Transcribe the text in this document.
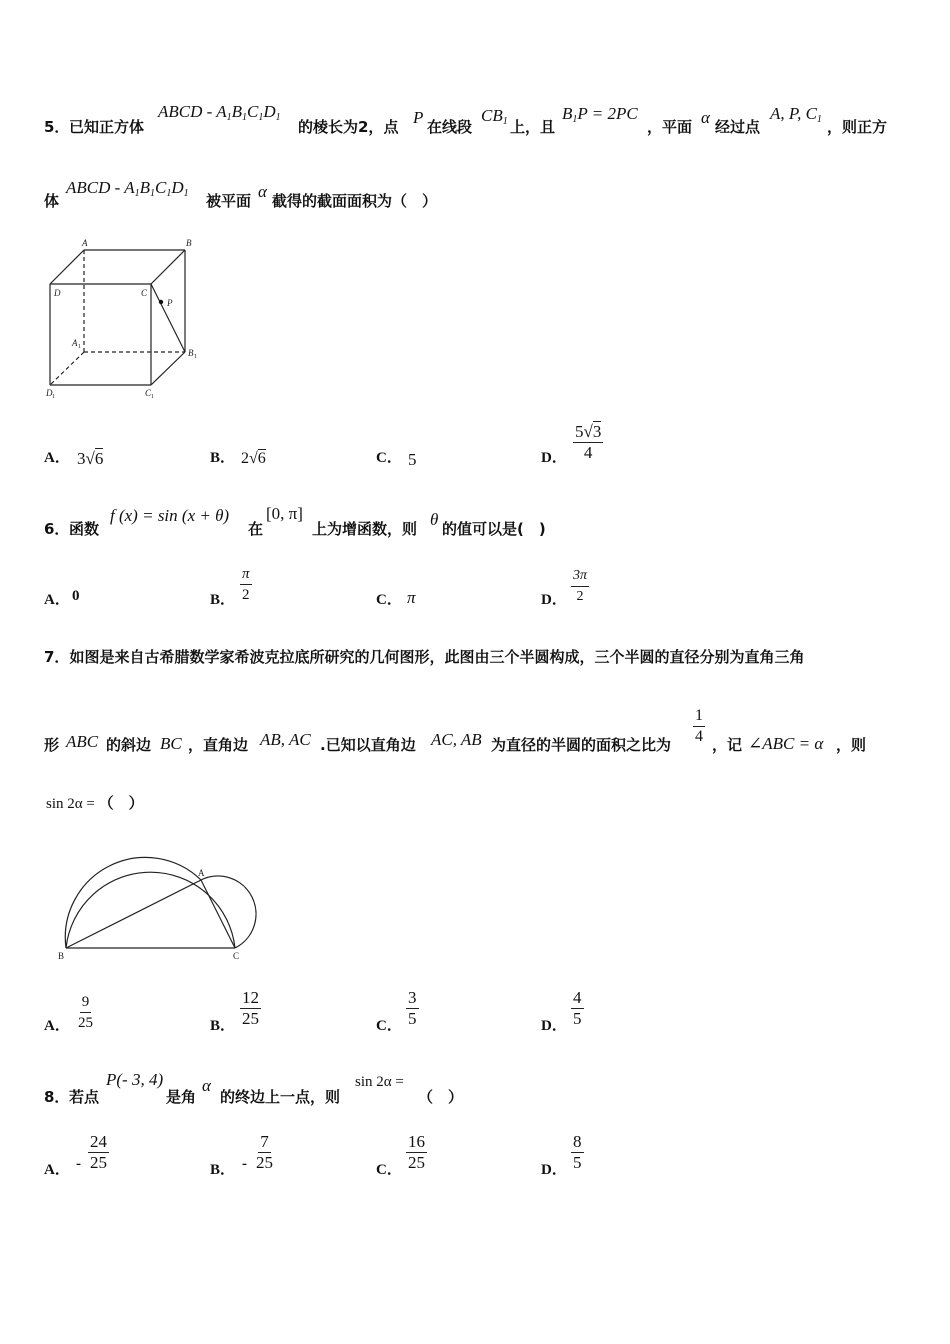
5． 已知正方体
ABCD - $A_1B_1C_1D_1$
的棱长为2，点 P 在线段
$CB_1$ 上，且
$B_1P = 2PC$
，平面 α 经过点
A, P, $C_1$ ，则正方
体
ABCD - $A_1B_1C_1D_1$ 被平面 α 截得的截面面积为（　）
A	B
C
D
P
A
B
C
D
1
1
1
1
A． 3√6	B． 2√6	C． 5	D． $\frac{5√3}{4}$
6． 函数
f (x) = sin (x + θ)
在
[0, π]
上为增函数，则 θ 的值可以是(　)
A． 0	B． $\frac{\pi}{2}$	C． π	D． $\frac{3\pi}{2}$
7．如图是来自古希腊数学家希波克拉底所研究的几何图形，此图由三个半圆构成，三个半圆的直径分别为直角三角
形 ABC 的斜边 BC ，直角边 AB, AC .已知以直角边 AC, AB 为直径的半圆的面积之比为 $\frac{1}{4}$ ，记 ∠ABC = α ，则
sin 2α = （　）
B	C
A
A． $\frac{9}{25}$	B． $\frac{12}{25}$	C． $\frac{3}{5}$	D． $\frac{4}{5}$
8． 若点
P(- 3, 4)
是角
α
的终边上一点，则
sin 2α =
（　）
A． - $\frac{24}{25}$	B． - $\frac{7}{25}$	C． $\frac{16}{25}$	D． $\frac{8}{5}$
